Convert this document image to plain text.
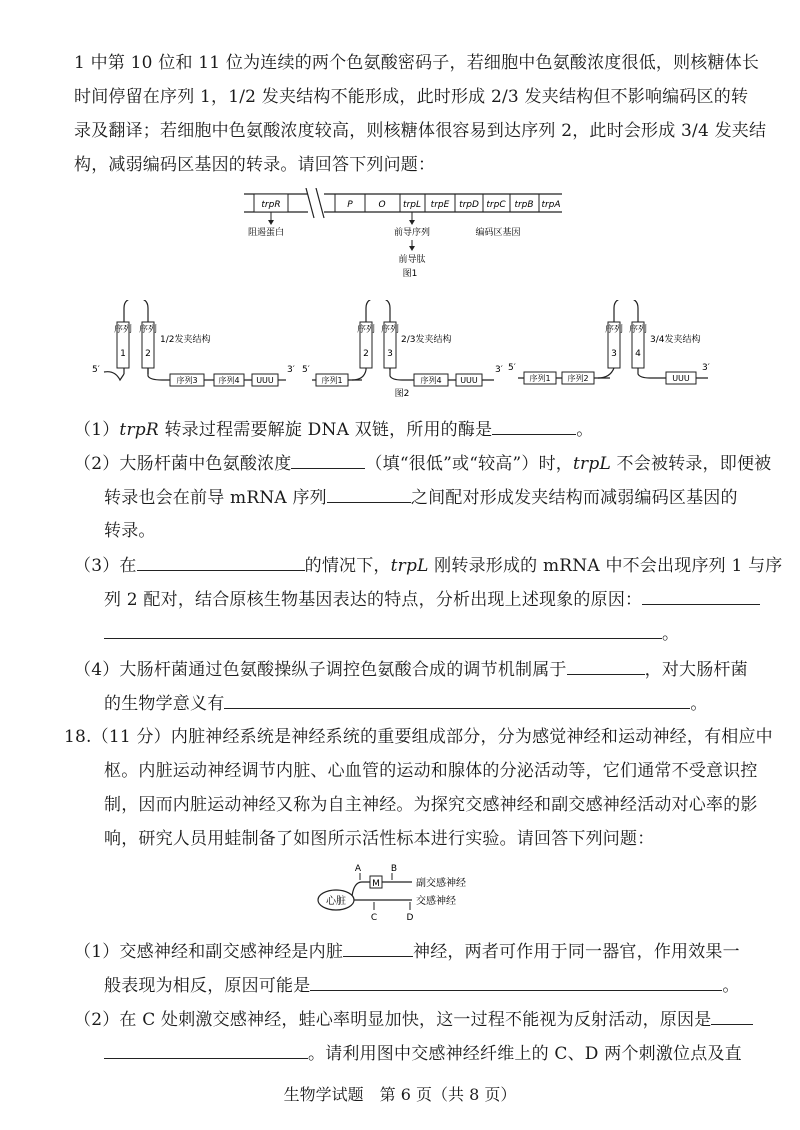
1 中第 10 位和 11 位为连续的两个色氨酸密码子，若细胞中色氨酸浓度很低，则核糖体长
时间停留在序列 1，1/2 发夹结构不能形成，此时形成 2/3 发夹结构但不影响编码区的转
录及翻译；若细胞中色氨酸浓度较高，则核糖体很容易到达序列 2，此时会形成 3/4 发夹结
构，减弱编码区基因的转录。请回答下列问题：
trpR	P	O trpL trpE trpD trpC trpB trpA
阻遏蛋白	前导序列
前导肽
编码区基因
图1
5′
序列 序列
1 2
1/2发夹结构
序列3	序列4 UUU
3′ 5′
序列1
序列 序列
2 3
2/3发夹结构
序列4 UUU
3′ 5′
序列1 序列2
序列 序列
3 4
3/4发夹结构
UUU
3′
图2
（1）trpR 转录过程需要解旋 DNA 双链，所用的酶是	。
（2）大肠杆菌中色氨酸浓度	（填“很低”或“较高”）时，trpL 不会被转录，即便被
转录也会在前导 mRNA 序列	之间配对形成发夹结构而减弱编码区基因的
转录。
（3）在	的情况下，trpL 刚转录形成的 mRNA 中不会出现序列 1 与序
列 2 配对，结合原核生物基因表达的特点，分析出现上述现象的原因：
。
（4）大肠杆菌通过色氨酸操纵子调控色氨酸合成的调节机制属于	，对大肠杆菌
的生物学意义有	。
18.（11 分）内脏神经系统是神经系统的重要组成部分，分为感觉神经和运动神经，有相应中
枢。内脏运动神经调节内脏、心血管的运动和腺体的分泌活动等，它们通常不受意识控
制，因而内脏运动神经又称为自主神经。为探究交感神经和副交感神经活动对心率的影
响，研究人员用蛙制备了如图所示活性标本进行实验。请回答下列问题：
心脏
M
A	B
副交感神经
C	D
交感神经
（1）交感神经和副交感神经是内脏	神经，两者可作用于同一器官，作用效果一
般表现为相反，原因可能是	。
（2）在 C 处刺激交感神经，蛙心率明显加快，这一过程不能视为反射活动，原因是
。请利用图中交感神经纤维上的 C、D 两个刺激位点及直
生物学试题　第 6 页（共 8 页）
